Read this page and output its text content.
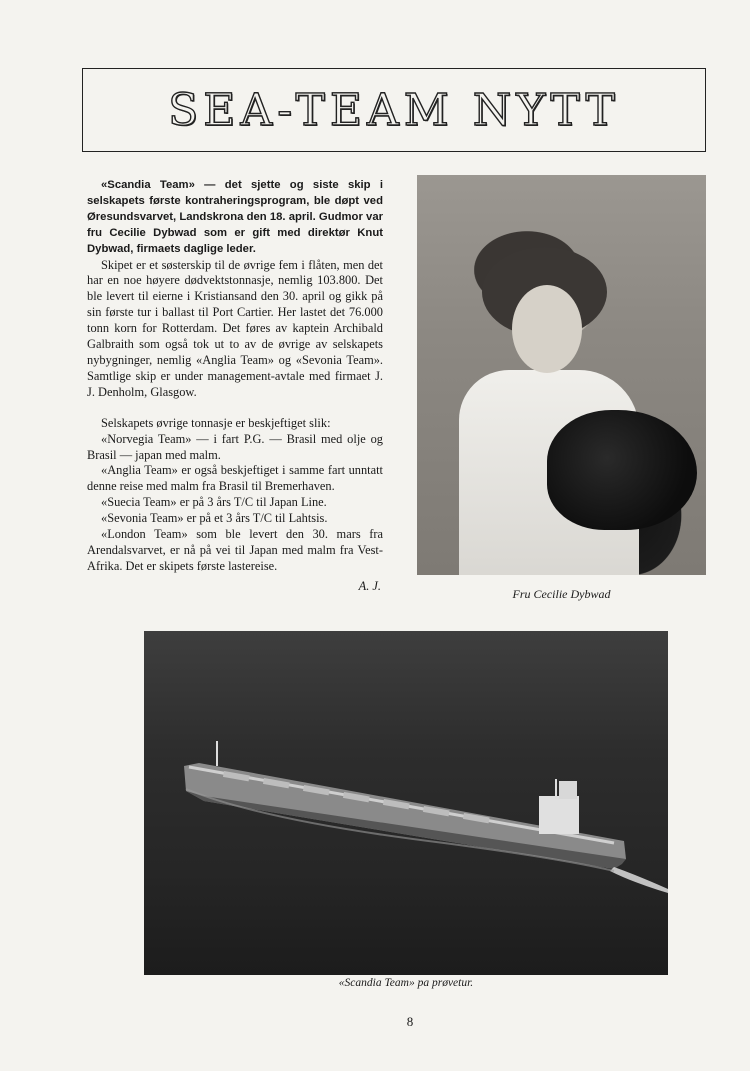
SEA-TEAM NYTT

«Scandia Team» — det sjette og siste skip i selskapets første kontraheringsprogram, ble døpt ved Øresundsvarvet, Landskrona den 18. april. Gudmor var fru Cecilie Dybwad som er gift med direktør Knut Dybwad, firmaets daglige leder.

Skipet er et søsterskip til de øvrige fem i flåten, men det har en noe høyere dødvektstonnasje, nemlig 103.800. Det ble levert til eierne i Kristiansand den 30. april og gikk på sin første tur i ballast til Port Cartier. Her lastet det 76.000 tonn korn for Rotterdam. Det føres av kaptein Archibald Galbraith som også tok ut to av de øvrige av selskapets nybygninger, nemlig «Anglia Team» og «Sevonia Team». Samtlige skip er under management-avtale med firmaet J. J. Denholm, Glasgow.

Selskapets øvrige tonnasje er beskjeftiget slik:

«Norvegia Team» — i fart P.G. — Brasil med olje og Brasil — japan med malm.

«Anglia Team» er også beskjeftiget i samme fart unntatt denne reise med malm fra Brasil til Bremerhaven.

«Suecia Team» er på 3 års T/C til Japan Line.

«Sevonia Team» er på et 3 års T/C til Lahtsis.

«London Team» som ble levert den 30. mars fra Arendalsvarvet, er nå på vei til Japan med malm fra Vest-Afrika. Det er skipets første lastereise.

A. J.
Fru Cecilie Dybwad
«Scandia Team» pa prøvetur.
8
